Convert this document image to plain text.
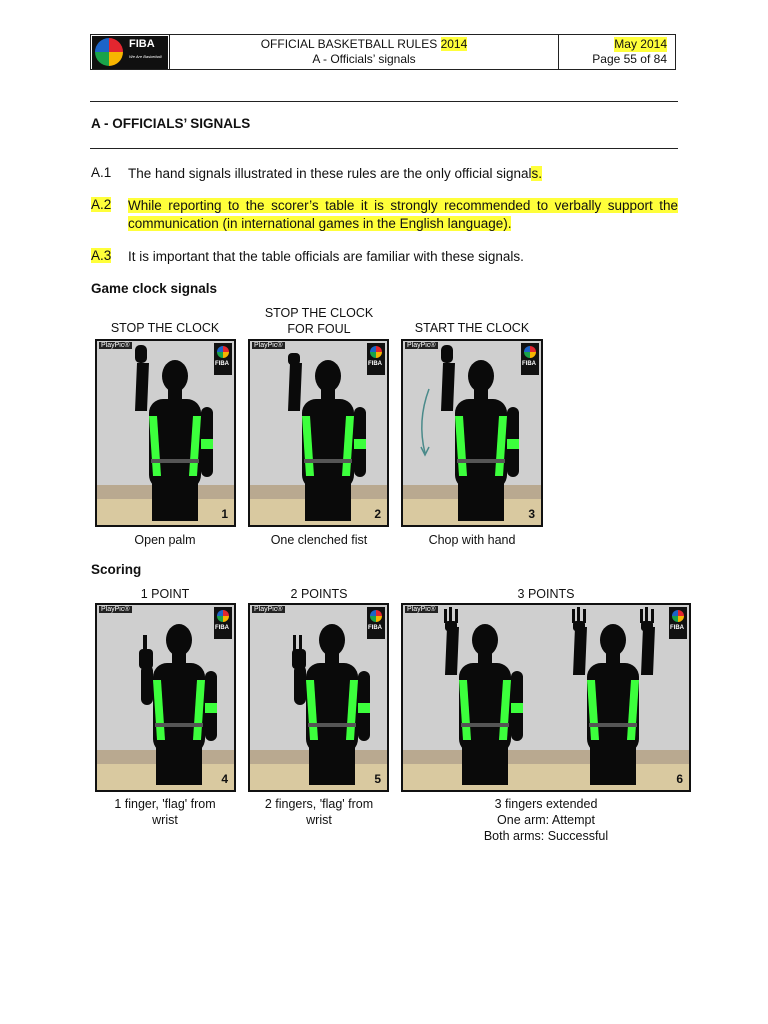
FIBA
We Are Basketball
OFFICIAL BASKETBALL RULES 2014
A - Officials’ signals
May 2014
Page 55 of 84
A - OFFICIALS’ SIGNALS
A.1 The hand signals illustrated in these rules are the only official signals.
A.2 While reporting to the scorer’s table it is strongly recommended to verbally support the communication (in international games in the English language).
A.3 It is important that the table officials are familiar with these signals.
Game clock signals
STOP THE CLOCK
STOP THE CLOCK
FOR FOUL	START THE CLOCK
PlayPic®
FIBA
1
PlayPic®
FIBA
2
PlayPic®
FIBA
3
Open palm	One clenched fist	Chop with hand
Scoring
1 POINT	2 POINTS	3 POINTS
PlayPic®
FIBA
4
PlayPic®
FIBA
5
PlayPic®
FIBA
6
1 finger, 'flag' from
wrist
2 fingers, 'flag' from
wrist
3 fingers extended
One arm: Attempt
Both arms: Successful
